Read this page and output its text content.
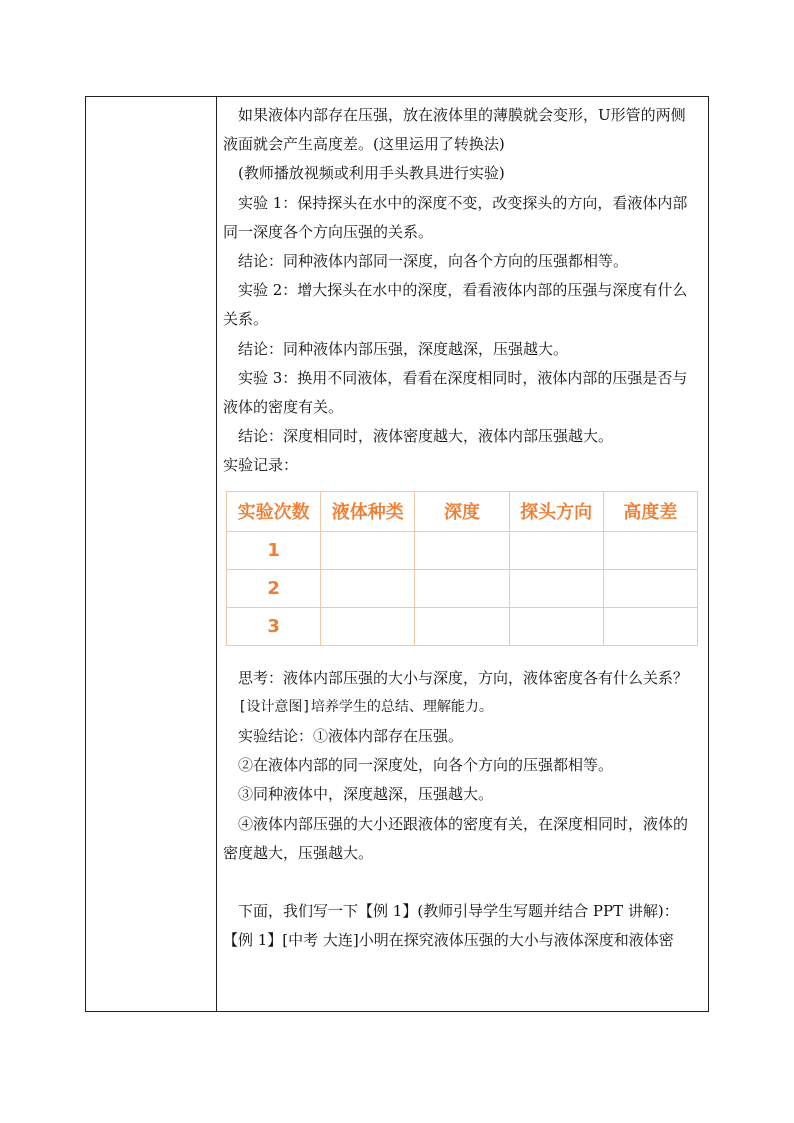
如果液体内部存在压强，放在液体里的薄膜就会变形，U形管的两侧液面就会产生高度差。(这里运用了转换法)

(教师播放视频或利用手头教具进行实验)

实验 1：保持探头在水中的深度不变，改变探头的方向，看液体内部同一深度各个方向压强的关系。

结论：同种液体内部同一深度，向各个方向的压强都相等。

实验 2：增大探头在水中的深度，看看液体内部的压强与深度有什么关系。

结论：同种液体内部压强，深度越深，压强越大。

实验 3：换用不同液体，看看在深度相同时，液体内部的压强是否与液体的密度有关。

结论：深度相同时，液体密度越大，液体内部压强越大。

实验记录：

实验次数	液体种类	深度	探头方向	高度差
1				
2				
3				

思考：液体内部压强的大小与深度，方向，液体密度各有什么关系？

[设计意图]培养学生的总结、理解能力。

实验结论：①液体内部存在压强。

②在液体内部的同一深度处，向各个方向的压强都相等。

③同种液体中，深度越深，压强越大。

④液体内部压强的大小还跟液体的密度有关，在深度相同时，液体的密度越大，压强越大。

下面，我们写一下【例 1】(教师引导学生写题并结合 PPT 讲解)：

【例 1】[中考 大连]小明在探究液体压强的大小与液体深度和液体密
